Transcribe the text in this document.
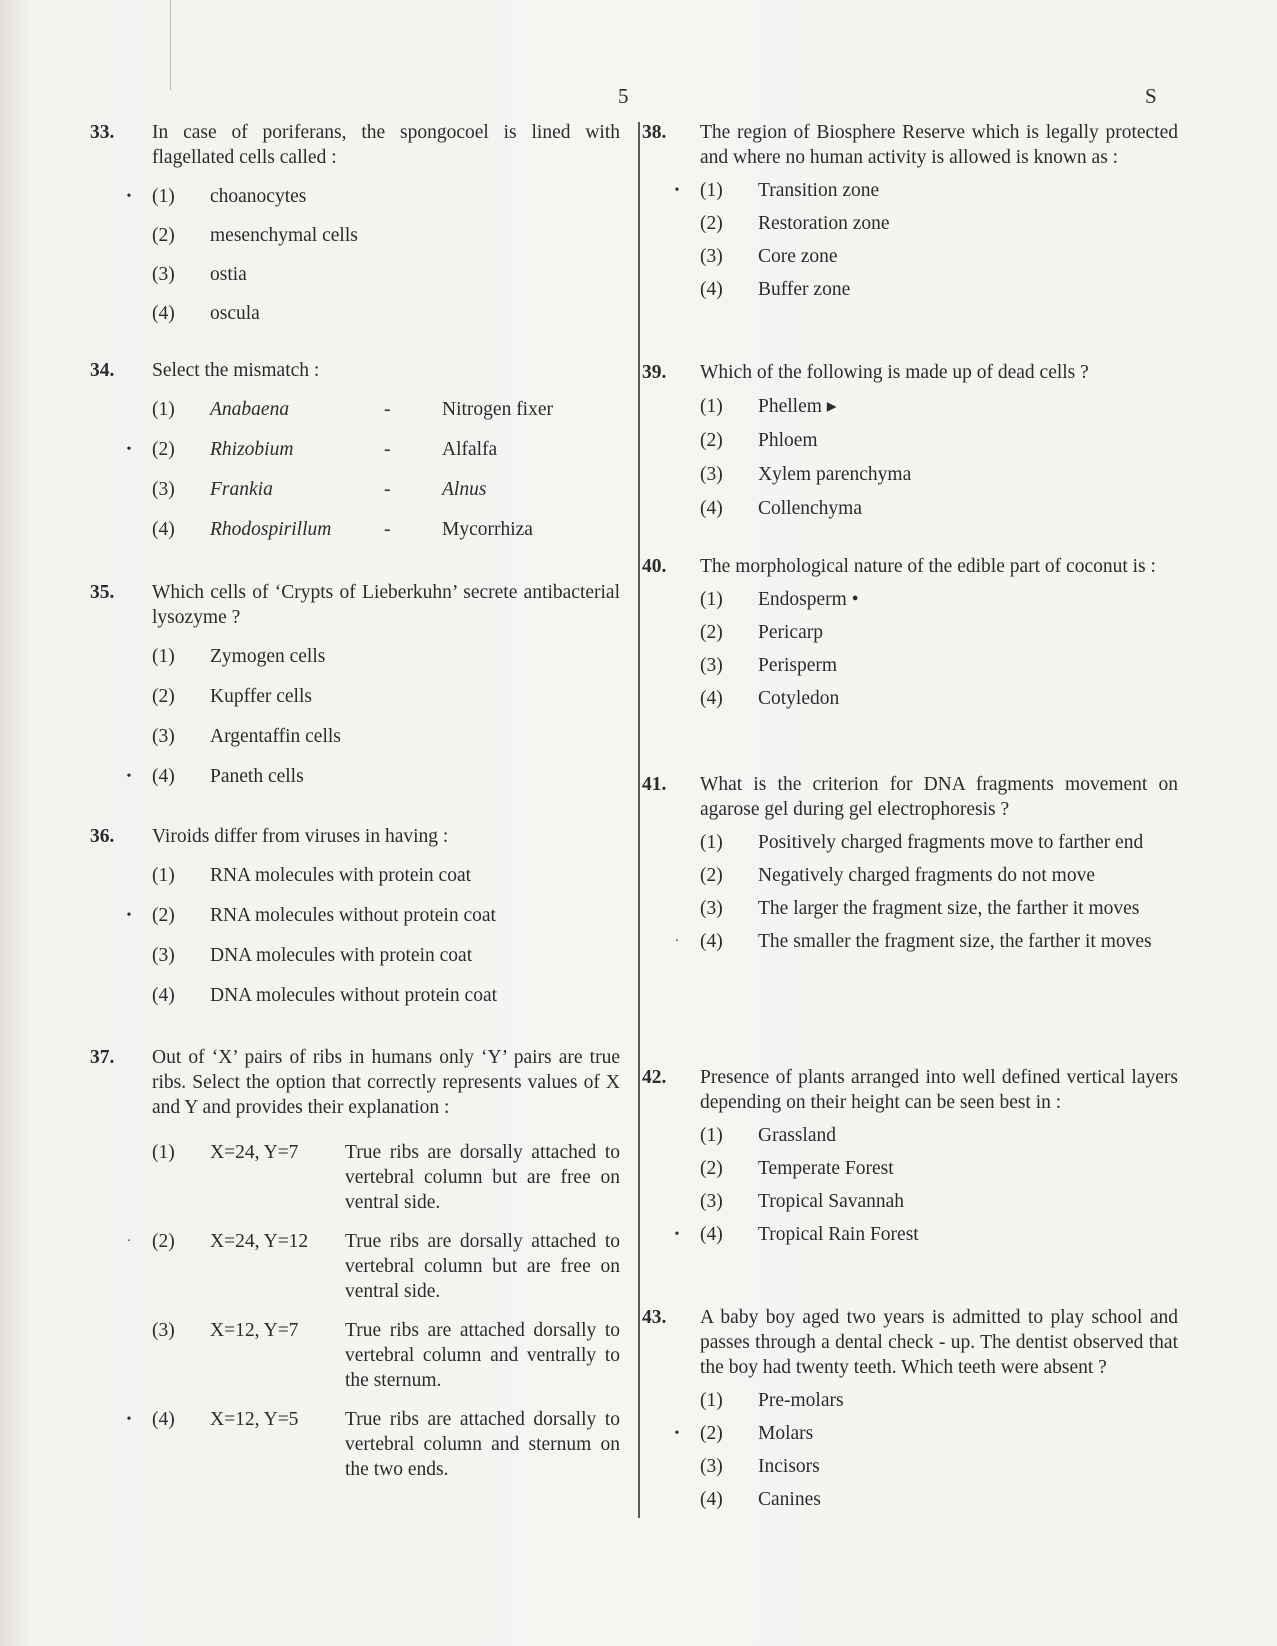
5	S
33.	In case of poriferans, the spongocoel is lined with flagellated cells called :
• (1) choanocytes
(2) mesenchymal cells
(3) ostia
(4) oscula
34.	Select the mismatch :
(1) Anabaena	-	Nitrogen fixer
• (2) Rhizobium	-	Alfalfa
(3) Frankia	-	Alnus
(4) Rhodospirillum	-	Mycorrhiza
35.	Which cells of ‘Crypts of Lieberkuhn’ secrete antibacterial lysozyme ?
(1) Zymogen cells
(2) Kupffer cells
(3) Argentaffin cells
• (4) Paneth cells
36.	Viroids differ from viruses in having :
(1) RNA molecules with protein coat
• (2) RNA molecules without protein coat
(3) DNA molecules with protein coat
(4) DNA molecules without protein coat
37.	Out of ‘X’ pairs of ribs in humans only ‘Y’ pairs are true ribs. Select the option that correctly represents values of X and Y and provides their explanation :
(1) X=24, Y=7 True ribs are dorsally attached to vertebral column but are free on ventral side.
· (2) X=24, Y=12 True ribs are dorsally attached to vertebral column but are free on ventral side.
(3) X=12, Y=7 True ribs are attached dorsally to vertebral column and ventrally to the sternum.
• (4) X=12, Y=5 True ribs are attached dorsally to vertebral column and sternum on the two ends.
38.	The region of Biosphere Reserve which is legally protected and where no human activity is allowed is known as :
• (1) Transition zone
(2) Restoration zone
(3) Core zone
(4) Buffer zone
39.	Which of the following is made up of dead cells ?
(1) Phellem ▸
(2) Phloem
(3) Xylem parenchyma
(4) Collenchyma
40.	The morphological nature of the edible part of coconut is :
(1) Endosperm •
(2) Pericarp
(3) Perisperm
(4) Cotyledon
41.	What is the criterion for DNA fragments movement on agarose gel during gel electrophoresis ?
(1) Positively charged fragments move to farther end
(2) Negatively charged fragments do not move
(3) The larger the fragment size, the farther it moves
· (4) The smaller the fragment size, the farther it moves
42.	Presence of plants arranged into well defined vertical layers depending on their height can be seen best in :
(1) Grassland
(2) Temperate Forest
(3) Tropical Savannah
• (4) Tropical Rain Forest
43.	A baby boy aged two years is admitted to play school and passes through a dental check - up. The dentist observed that the boy had twenty teeth. Which teeth were absent ?
(1) Pre-molars
• (2) Molars
(3) Incisors
(4) Canines
